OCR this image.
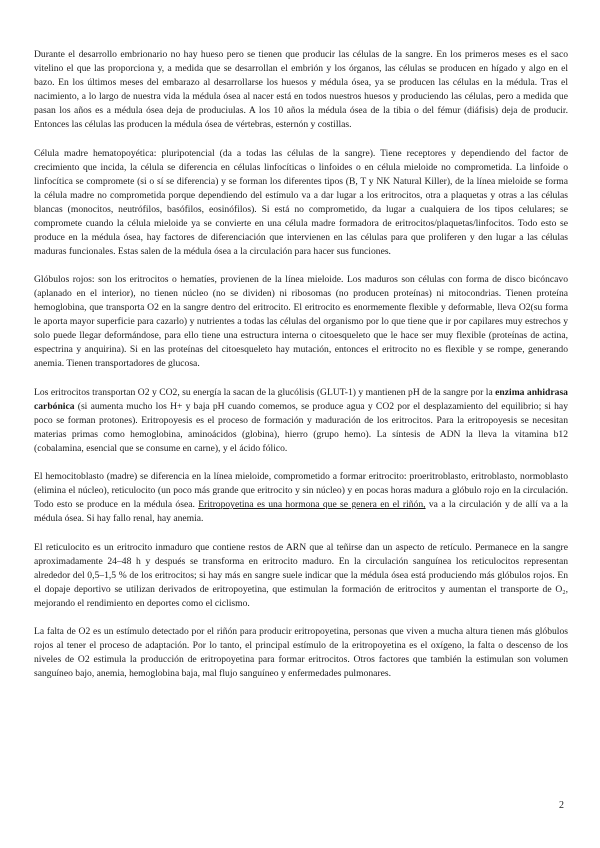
Durante el desarrollo embrionario no hay hueso pero se tienen que producir las células de la sangre. En los primeros meses es el saco vitelino el que las proporciona y, a medida que se desarrollan el embrión y los órganos, las células se producen en hígado y algo en el bazo. En los últimos meses del embarazo al desarrollarse los huesos y médula ósea, ya se producen las células en la médula. Tras el nacimiento, a lo largo de nuestra vida la médula ósea al nacer está en todos nuestros huesos y produciendo las células, pero a medida que pasan los años es a médula ósea deja de produciulas. A los 10 años la médula ósea de la tibia o del fémur (diáfisis) deja de producir. Entonces las células las producen la médula ósea de vértebras, esternón y costillas.

Célula madre hematopoyética: pluripotencial (da a todas las células de la sangre). Tiene receptores y dependiendo del factor de crecimiento que incida, la célula se diferencia en células linfocíticas o linfoides o en célula mieloide no comprometida. La linfoide o linfocítica se compromete (si o sí se diferencia) y se forman los diferentes tipos (B, T y NK Natural Killer), de la línea mieloide se forma la célula madre no comprometida porque dependiendo del estímulo va a dar lugar a los eritrocitos, otra a plaquetas y otras a las células blancas (monocitos, neutrófilos, basófilos, eosinófilos). Si está no comprometido, da lugar a cualquiera de los tipos celulares; se compromete cuando la célula mieloide ya se convierte en una célula madre formadora de eritrocitos/plaquetas/linfocitos. Todo esto se produce en la médula ósea, hay factores de diferenciación que intervienen en las células para que proliferen y den lugar a las células maduras funcionales. Estas salen de la médula ósea a la circulación para hacer sus funciones.

Glóbulos rojos: son los eritrocitos o hematíes, provienen de la línea mieloide. Los maduros son células con forma de disco bicóncavo (aplanado en el interior), no tienen núcleo (no se dividen) ni ribosomas (no producen proteínas) ni mitocondrias. Tienen proteína hemoglobina, que transporta O2 en la sangre dentro del eritrocito. El eritrocito es enormemente flexible y deformable, lleva O2(su forma le aporta mayor superficie para cazarlo) y nutrientes a todas las células del organismo por lo que tiene que ir por capilares muy estrechos y solo puede llegar deformándose, para ello tiene una estructura interna o citoesqueleto que le hace ser muy flexible (proteínas de actina, espectrina y anquirina). Si en las proteínas del citoesqueleto hay mutación, entonces el eritrocito no es flexible y se rompe, generando anemia. Tienen transportadores de glucosa.

Los eritrocitos transportan O2 y CO2, su energía la sacan de la glucólisis (GLUT-1) y mantienen pH de la sangre por la enzima anhidrasa carbónica (si aumenta mucho los H+ y baja pH cuando comemos, se produce agua y CO2 por el desplazamiento del equilibrio; si hay poco se forman protones). Eritropoyesis es el proceso de formación y maduración de los eritrocitos. Para la eritropoyesis se necesitan materias primas como hemoglobina, aminoácidos (globina), hierro (grupo hemo). La síntesis de ADN la lleva la vitamina b12 (cobalamina, esencial que se consume en carne), y el ácido fólico.

El hemocitoblasto (madre) se diferencia en la línea mieloide, comprometido a formar eritrocito: proeritroblasto, eritroblasto, normoblasto (elimina el núcleo), reticulocito (un poco más grande que eritrocito y sin núcleo) y en pocas horas madura a glóbulo rojo en la circulación. Todo esto se produce en la médula ósea. Eritropoyetina es una hormona que se genera en el riñón, va a la circulación y de allí va a la médula ósea. Si hay fallo renal, hay anemia.

El reticulocito es un eritrocito inmaduro que contiene restos de ARN que al teñirse dan un aspecto de retículo. Permanece en la sangre aproximadamente 24–48 h y después se transforma en eritrocito maduro. En la circulación sanguínea los reticulocitos representan alrededor del 0,5–1,5 % de los eritrocitos; si hay más en sangre suele indicar que la médula ósea está produciendo más glóbulos rojos. En el dopaje deportivo se utilizan derivados de eritropoyetina, que estimulan la formación de eritrocitos y aumentan el transporte de O₂, mejorando el rendimiento en deportes como el ciclismo.

La falta de O2 es un estímulo detectado por el riñón para producir eritropoyetina, personas que viven a mucha altura tienen más glóbulos rojos al tener el proceso de adaptación. Por lo tanto, el principal estímulo de la eritropoyetina es el oxígeno, la falta o descenso de los niveles de O2 estimula la producción de eritropoyetina para formar eritrocitos. Otros factores que también la estimulan son volumen sanguíneo bajo, anemia, hemoglobina baja, mal flujo sanguíneo y enfermedades pulmonares.

2
